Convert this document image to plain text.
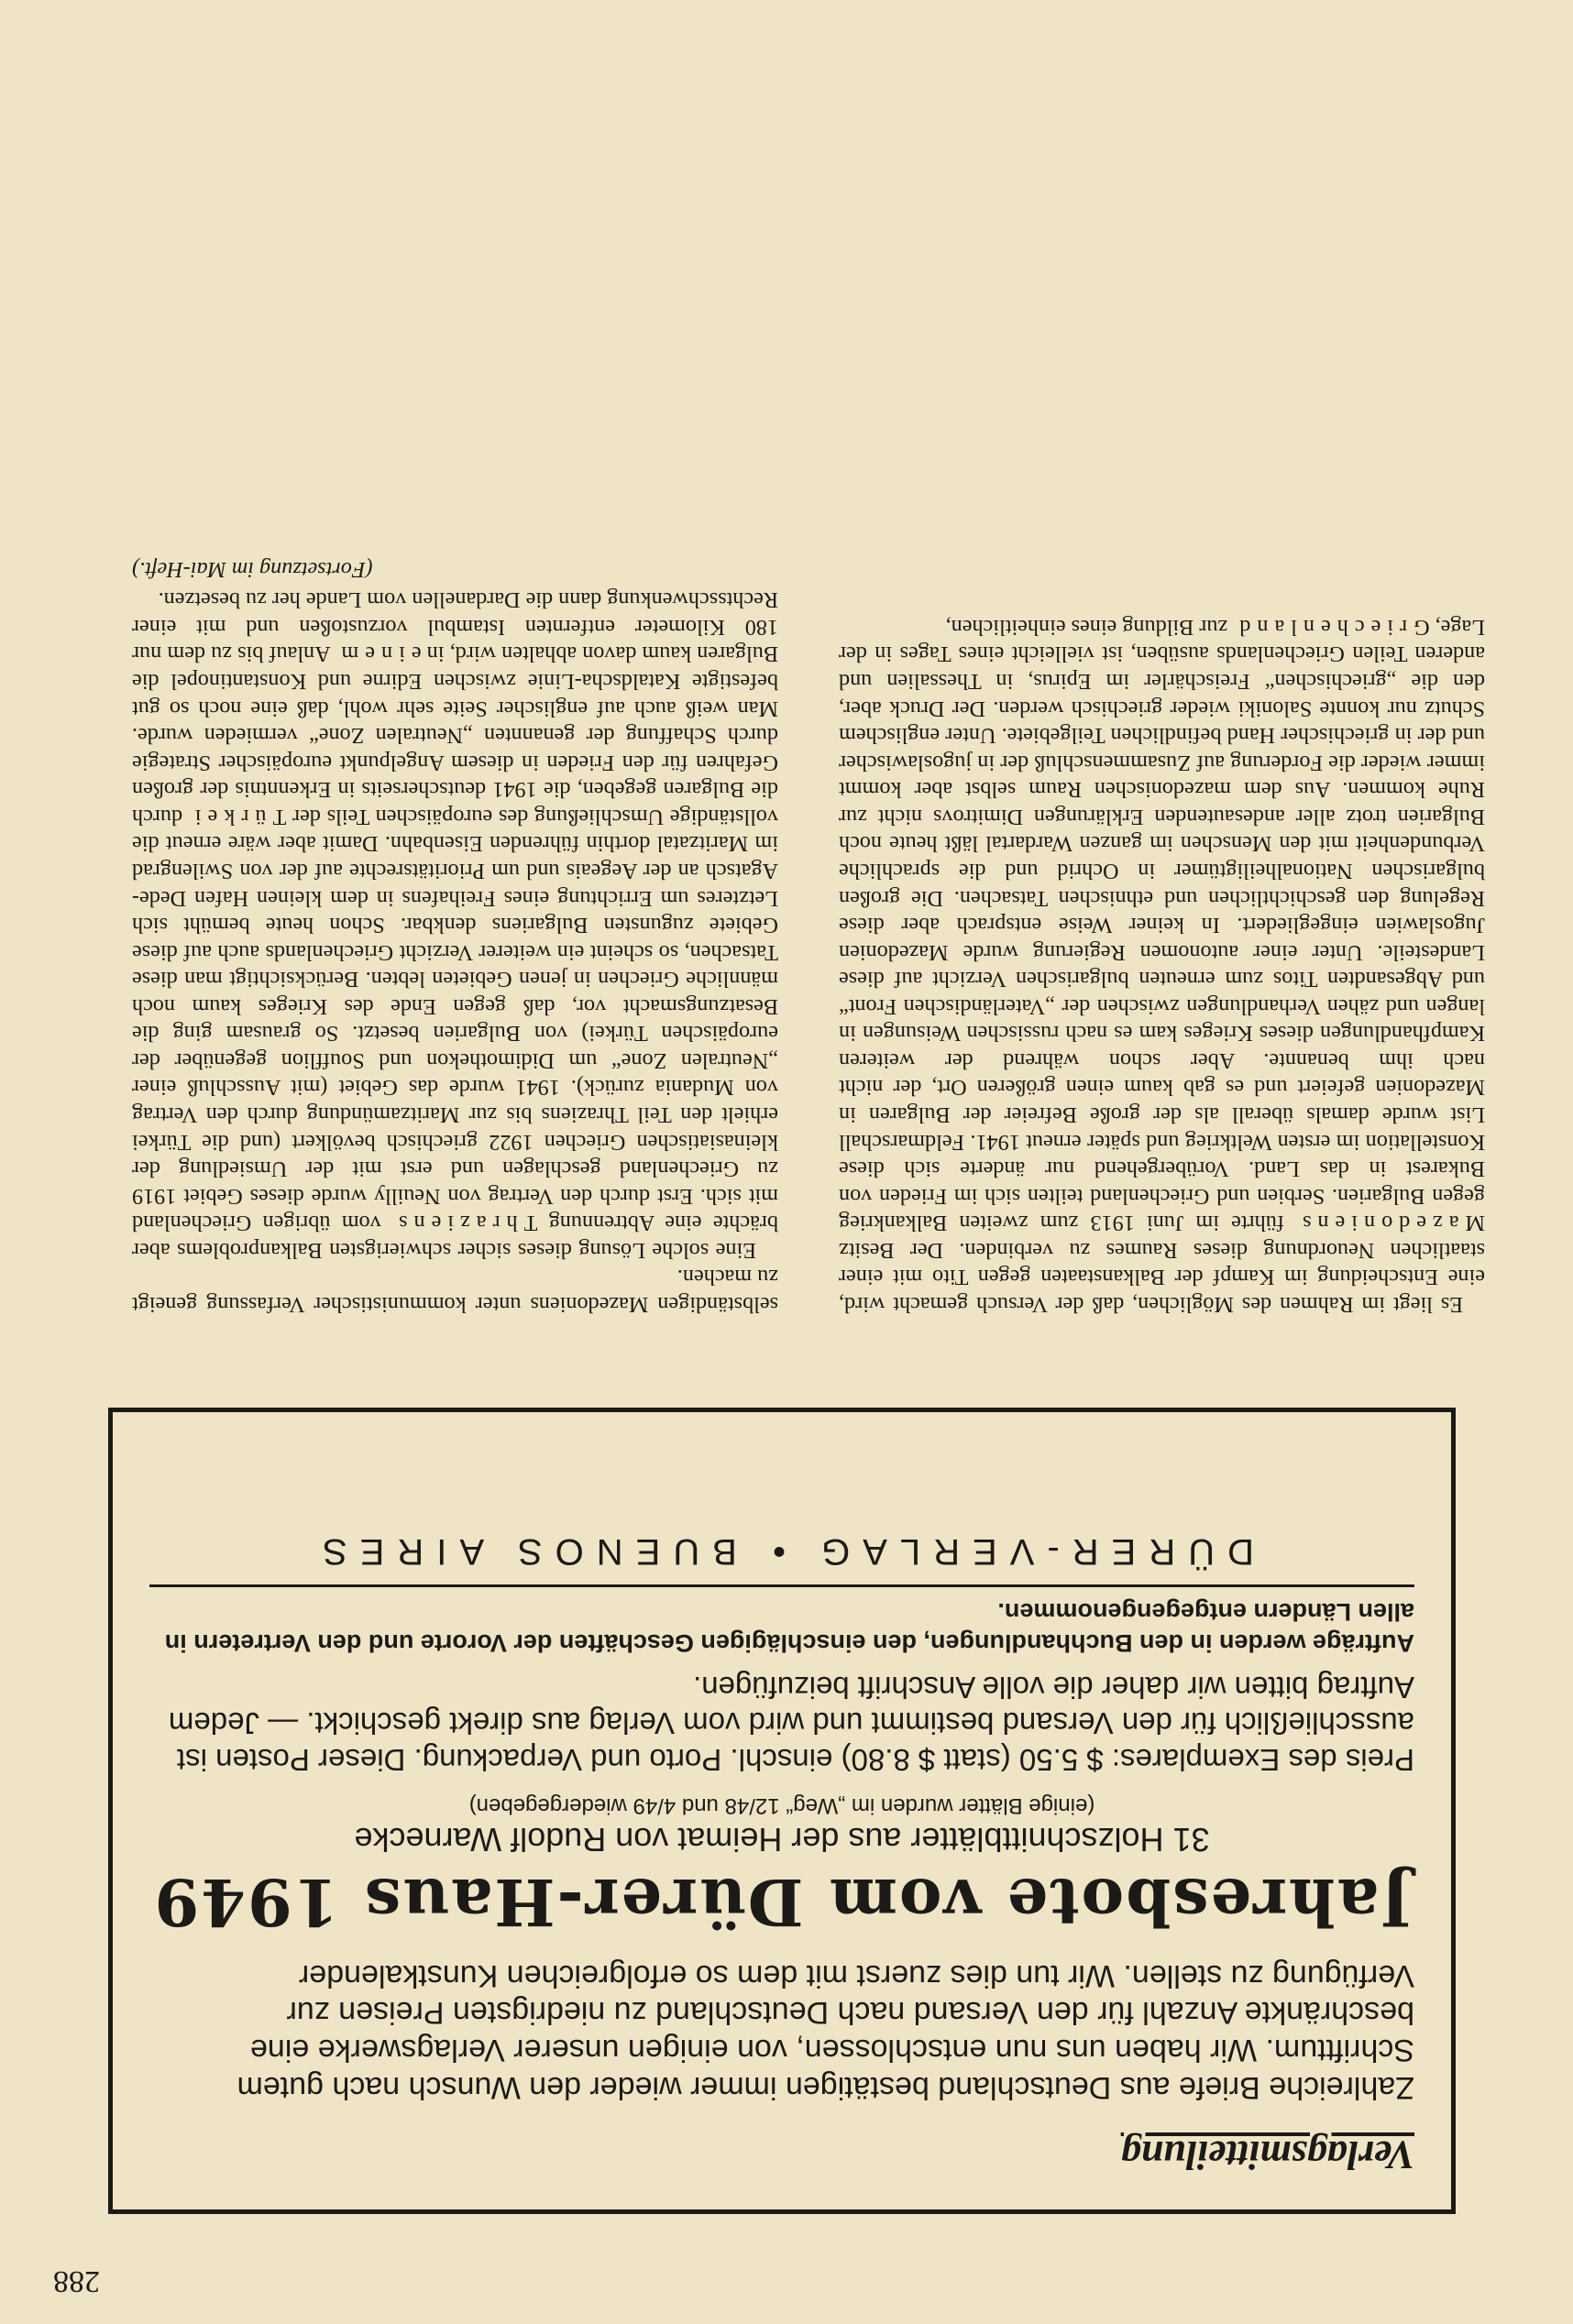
288
Verlagsmitteilung

Zahlreiche Briefe aus Deutschland bestätigen immer wieder den Wunsch nach gutem Schrifttum. Wir haben uns nun entschlossen, von einigen unserer Verlagswerke eine beschränkte Anzahl für den Versand nach Deutschland zu niedrigsten Preisen zur Verfügung zu stellen. Wir tun dies zuerst mit dem so erfolgreichen Kunstkalender

Jahresbote vom Dürer-Haus 1949

31 Holzschnittblätter aus der Heimat von Rudolf Warnecke

(einige Blätter wurden im „Weg“ 12/48 und 4/49 wiedergegeben)

Preis des Exemplares: $ 5.50 (statt $ 8.80) einschl. Porto und Verpackung. Dieser Posten ist ausschließlich für den Versand bestimmt und wird vom Verlag aus direkt geschickt. — Jedem Auftrag bitten wir daher die volle Anschrift beizufügen.

Aufträge werden in den Buchhandlungen, den einschlägigen Geschäften der Vororte und den Vertretern in allen Ländern entgegengenommen.

DÜRER-VERLAG • BUENOS AIRES

Es liegt im Rahmen des Möglichen, daß der Versuch gemacht wird, eine Entscheidung im Kampf der Balkanstaaten gegen Tito mit einer staatlichen Neuordnung dieses Raumes zu verbinden. Der Besitz Mazedoniens führte im Juni 1913 zum zweiten Balkankrieg gegen Bulgarien. Serbien und Griechenland teilten sich im Frieden von Bukarest in das Land. Vorübergehend nur änderte sich diese Konstellation im ersten Weltkrieg und später erneut 1941. Feldmarschall List wurde damals überall als der große Befreier der Bulgaren in Mazedonien gefeiert und es gab kaum einen größeren Ort, der nicht nach ihm benannte. Aber schon während der weiteren Kampfhandlungen dieses Krieges kam es nach russischen Weisungen in langen und zähen Verhandlungen zwischen der „Vaterländischen Front“ und Abgesandten Titos zum erneuten bulgarischen Verzicht auf diese Landesteile. Unter einer autonomen Regierung wurde Mazedonien Jugoslawien eingegliedert. In keiner Weise entsprach aber diese Regelung den geschichtlichen und ethnischen Tatsachen. Die großen bulgarischen Nationalheiligtümer in Ochrid und die sprachliche Verbundenheit mit den Menschen im ganzen Wardartal läßt heute noch Bulgarien trotz aller andesautenden Erklärungen Dimitrovs nicht zur Ruhe kommen. Aus dem mazedonischen Raum selbst aber kommt immer wieder die Forderung auf Zusammenschluß der in jugoslawischer und der in griechischer Hand befindlichen Teilgebiete. Unter englischem Schutz nur konnte Saloniki wieder griechisch werden. Der Druck aber, den die „griechischen“ Freischärler im Epirus, in Thessalien und anderen Teilen Griechenlands ausüben, ist vielleicht eines Tages in der Lage, Griechenland zur Bildung eines einheitlichen,

selbständigen Mazedoniens unter kommunistischer Verfassung geneigt zu machen.

Eine solche Lösung dieses sicher schwierigsten Balkanproblems aber brächte eine Abtrennung Thraziens vom übrigen Griechenland mit sich. Erst durch den Vertrag von Neuilly wurde dieses Gebiet 1919 zu Griechenland geschlagen und erst mit der Umsiedlung der kleinasiatischen Griechen 1922 griechisch bevölkert (und die Türkei erhielt den Teil Thraziens bis zur Maritzamündung durch den Vertrag von Mudania zurück). 1941 wurde das Gebiet (mit Ausschluß einer „Neutralen Zone“ um Didimothekon und Soufflion gegenüber der europäischen Türkei) von Bulgarien besetzt. So grausam ging die Besatzungsmacht vor, daß gegen Ende des Krieges kaum noch männliche Griechen in jenen Gebieten lebten. Berücksichtigt man diese Tatsachen, so scheint ein weiterer Verzicht Griechenlands auch auf diese Gebiete zugunsten Bulgariens denkbar. Schon heute bemüht sich Letzteres um Errichtung eines Freihafens in dem kleinen Hafen Dede-Agatsch an der Aegeais und um Prioritätsrechte auf der von Swilengrad im Maritzatal dorthin führenden Eisenbahn. Damit aber wäre erneut die vollständige Umschließung des europäischen Teils der Türkei durch die Bulgaren gegeben, die 1941 deutscherseits in Erkenntnis der großen Gefahren für den Frieden in diesem Angelpunkt europäischer Strategie durch Schaffung der genannten „Neutralen Zone“ vermieden wurde. Man weiß auch auf englischer Seite sehr wohl, daß eine noch so gut befestigte Kataldscha-Linie zwischen Edirne und Konstantinopel die Bulgaren kaum davon abhalten wird, in einem Anlauf bis zu dem nur 180 Kilometer entfernten Istambul vorzustoßen und mit einer Rechtsschwenkung dann die Dardanellen vom Lande her zu besetzen.

(Fortsetzung im Mai-Heft.)
